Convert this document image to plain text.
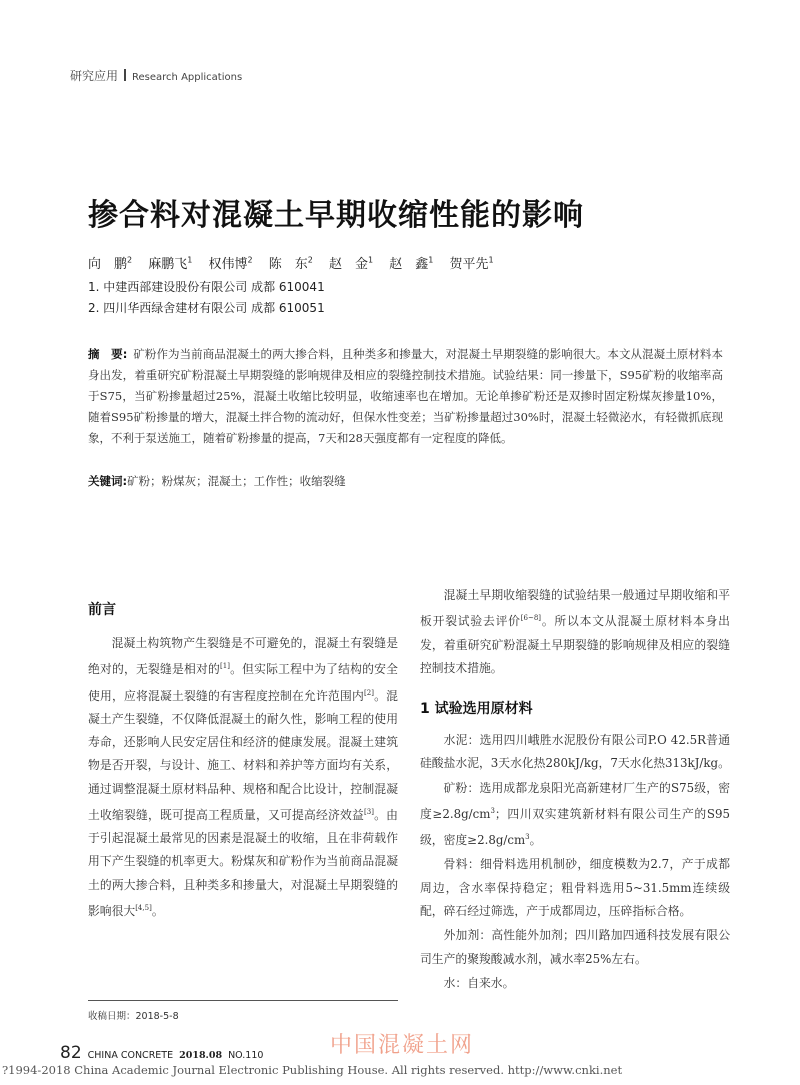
研究应用 Research Applications
掺合料对混凝土早期收缩性能的影响
向　鹏$^2$ 麻鹏飞$^1$ 权伟博$^2$ 陈　东$^2$ 赵　金$^1$ 赵　鑫$^1$ 贺平先$^1$
1. 中建西部建设股份有限公司 成都 610041
2. 四川华西绿舍建材有限公司 成都 610051
摘　要: 矿粉作为当前商品混凝土的两大掺合料，且种类多和掺量大，对混凝土早期裂缝的影响很大。本文从混凝土原材料本身出发，着重研究矿粉混凝土早期裂缝的影响规律及相应的裂缝控制技术措施。试验结果：同一掺量下，S95矿粉的收缩率高于S75，当矿粉掺量超过25%，混凝土收缩比较明显，收缩速率也在增加。无论单掺矿粉还是双掺时固定粉煤灰掺量10%，随着S95矿粉掺量的增大，混凝土拌合物的流动好，但保水性变差；当矿粉掺量超过30%时，混凝土轻微泌水，有轻微抓底现象，不利于泵送施工，随着矿粉掺量的提高，7天和28天强度都有一定程度的降低。
关键词:矿粉；粉煤灰；混凝土；工作性；收缩裂缝
前言
混凝土构筑物产生裂缝是不可避免的，混凝土有裂缝是绝对的，无裂缝是相对的[1]。但实际工程中为了结构的安全使用，应将混凝土裂缝的有害程度控制在允许范围内[2]。混凝土产生裂缝，不仅降低混凝土的耐久性，影响工程的使用寿命，还影响人民安定居住和经济的健康发展。混凝土建筑物是否开裂，与设计、施工、材料和养护等方面均有关系，通过调整混凝土原材料品种、规格和配合比设计，控制混凝土收缩裂缝，既可提高工程质量，又可提高经济效益[3]。由于引起混凝土最常见的因素是混凝土的收缩，且在非荷载作用下产生裂缝的机率更大。粉煤灰和矿粉作为当前商品混凝土的两大掺合料，且种类多和掺量大，对混凝土早期裂缝的影响很大[4,5]。
混凝土早期收缩裂缝的试验结果一般通过早期收缩和平板开裂试验去评价[6~8]。所以本文从混凝土原材料本身出发，着重研究矿粉混凝土早期裂缝的影响规律及相应的裂缝控制技术措施。
1 试验选用原材料

水泥：选用四川峨胜水泥股份有限公司P.O 42.5R普通硅酸盐水泥，3天水化热280kJ/kg，7天水化热313kJ/kg。

矿粉：选用成都龙泉阳光高新建材厂生产的S75级，密度$\ge 2.8g/cm^3$；四川双实建筑新材料有限公司生产的S95级，密度$\ge 2.8g/cm^3$。

骨料：细骨料选用机制砂，细度模数为2.7，产于成都周边，含水率保持稳定；粗骨料选用5~31.5mm连续级配，碎石经过筛选，产于成都周边，压碎指标合格。

外加剂：高性能外加剂；四川路加四通科技发展有限公司生产的聚羧酸减水剂，减水率25%左右。

水：自来水。

收稿日期：2018-5-8
82 CHINA CONCRETE 2018.08 NO.110	中国混凝土网
?1994-2018 China Academic Journal Electronic Publishing House. All rights reserved. http://www.cnki.net
